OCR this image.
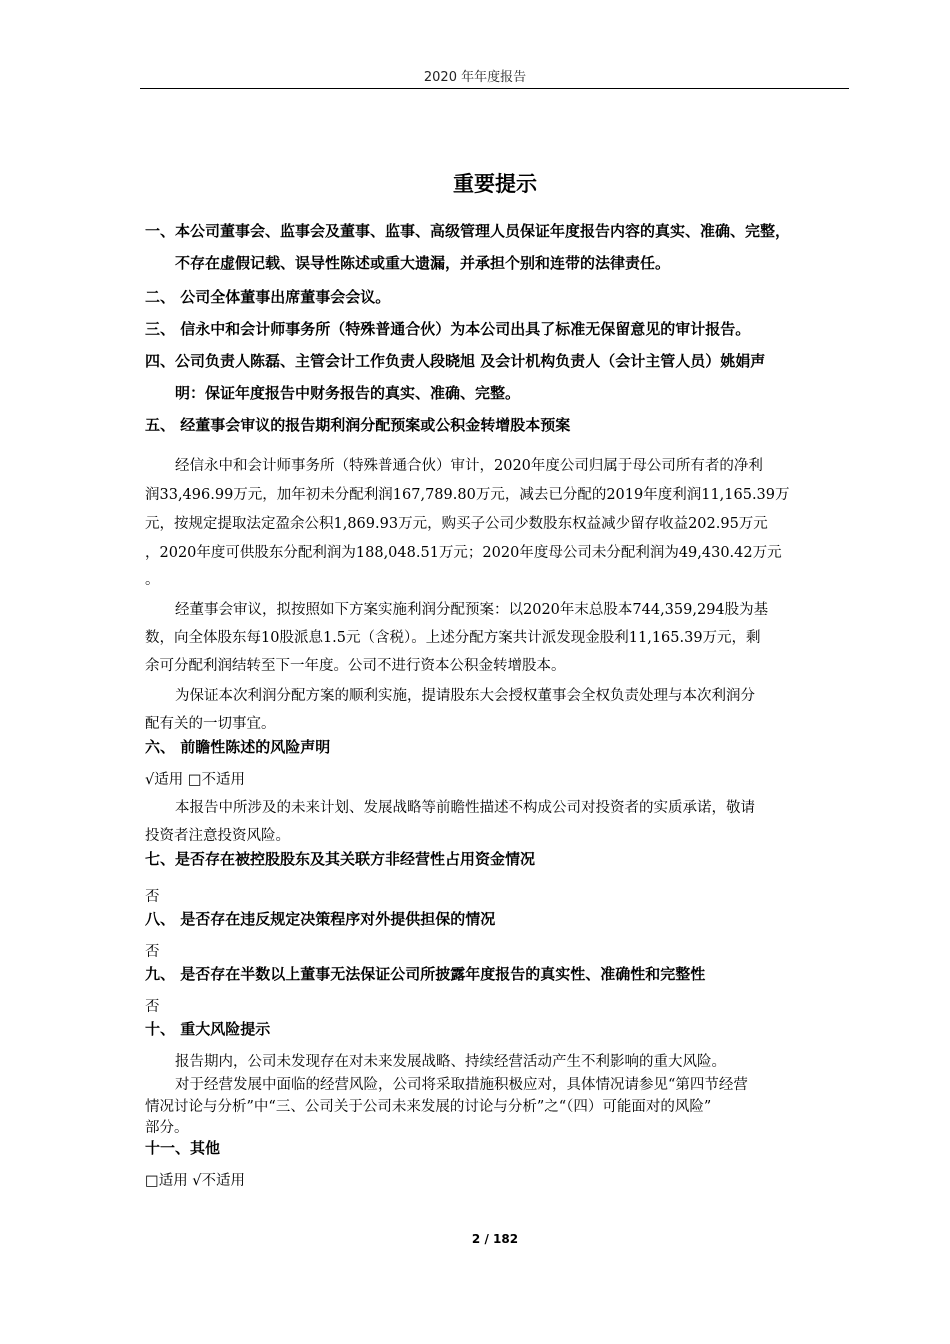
2020 年年度报告
重要提示
一、本公司董事会、监事会及董事、监事、高级管理人员保证年度报告内容的真实、准确、完整，
不存在虚假记载、误导性陈述或重大遗漏，并承担个别和连带的法律责任。
二、 公司全体董事出席董事会会议。
三、 信永中和会计师事务所（特殊普通合伙）为本公司出具了标准无保留意见的审计报告。
四、公司负责人陈磊、主管会计工作负责人段晓旭 及会计机构负责人（会计主管人员）姚娟声
明：保证年度报告中财务报告的真实、准确、完整。
五、 经董事会审议的报告期利润分配预案或公积金转增股本预案
经信永中和会计师事务所（特殊普通合伙）审计，2020年度公司归属于母公司所有者的净利
润33,496.99万元，加年初未分配利润167,789.80万元，减去已分配的2019年度利润11,165.39万
元，按规定提取法定盈余公积1,869.93万元，购买子公司少数股东权益减少留存收益202.95万元
，2020年度可供股东分配利润为188,048.51万元；2020年度母公司未分配利润为49,430.42万元
。
经董事会审议，拟按照如下方案实施利润分配预案：以2020年末总股本744,359,294股为基
数，向全体股东每10股派息1.5元（含税）。上述分配方案共计派发现金股利11,165.39万元，剩
余可分配利润结转至下一年度。公司不进行资本公积金转增股本。
为保证本次利润分配方案的顺利实施，提请股东大会授权董事会全权负责处理与本次利润分
配有关的一切事宜。
六、 前瞻性陈述的风险声明
√适用 □不适用
本报告中所涉及的未来计划、发展战略等前瞻性描述不构成公司对投资者的实质承诺，敬请
投资者注意投资风险。
七、是否存在被控股股东及其关联方非经营性占用资金情况
否
八、 是否存在违反规定决策程序对外提供担保的情况
否
九、 是否存在半数以上董事无法保证公司所披露年度报告的真实性、准确性和完整性
否
十、 重大风险提示
报告期内，公司未发现存在对未来发展战略、持续经营活动产生不利影响的重大风险。
对于经营发展中面临的经营风险，公司将采取措施积极应对，具体情况请参见“第四节经营
情况讨论与分析”中“三、公司关于公司未来发展的讨论与分析”之“（四）可能面对的风险”
部分。
十一、其他
□适用 √不适用
2 / 182
